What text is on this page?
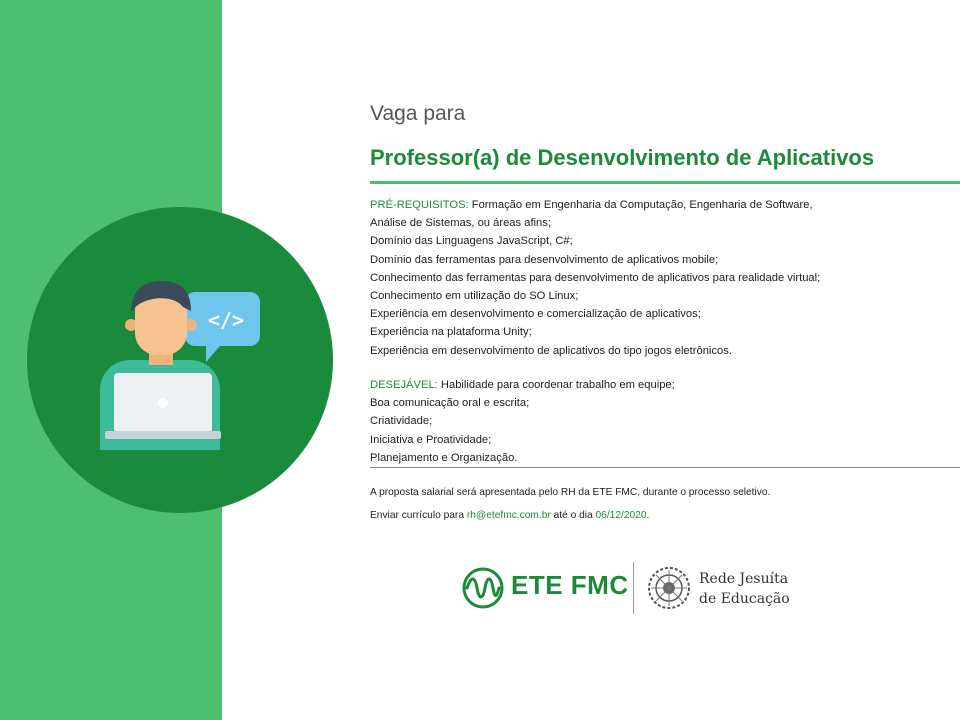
</>
Vaga para
Professor(a) de Desenvolvimento de Aplicativos
PRÉ-REQUISITOS: Formação em Engenharia da Computação, Engenharia de Software,
Análise de Sistemas, ou áreas afins;
Domínio das Linguagens JavaScript, C#;
Domínio das ferramentas para desenvolvimento de aplicativos mobile;
Conhecimento das ferramentas para desenvolvimento de aplicativos para realidade virtual;
Conhecimento em utilização do SO Linux;
Experiência em desenvolvimento e comercialização de aplicativos;
Experiência na plataforma Unity;
Experiência em desenvolvimento de aplicativos do tipo jogos eletrônicos.
DESEJÁVEL: Habilidade para coordenar trabalho em equipe;
Boa comunicação oral e escrita;
Criatividade;
Iniciativa e Proatividade;
Planejamento e Organização.
A proposta salarial será apresentada pelo RH da ETE FMC, durante o processo seletivo.
Enviar currículo para rh@etefmc.com.br até o dia 06/12/2020.
ETE FMC	Rede Jesuíta
de Educação
